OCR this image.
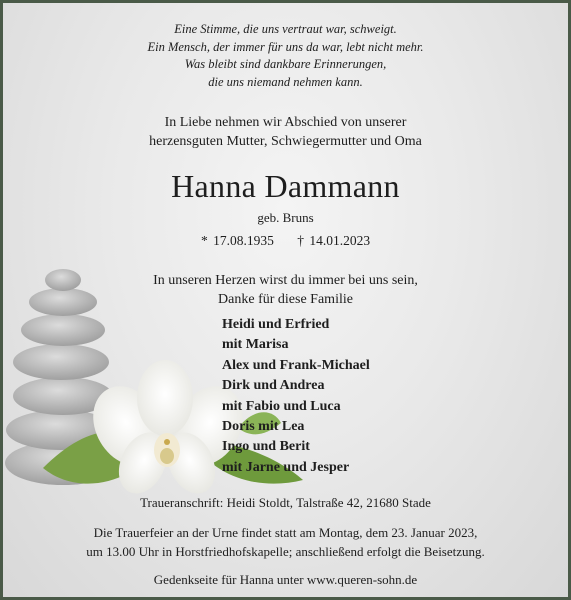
Eine Stimme, die uns vertraut war, schweigt.
Ein Mensch, der immer für uns da war, lebt nicht mehr.
Was bleibt sind dankbare Erinnerungen,
die uns niemand nehmen kann.
In Liebe nehmen wir Abschied von unserer
herzensguten Mutter, Schwiegermutter und Oma
Hanna Dammann
geb. Bruns
* 17.08.1935 † 14.01.2023
In unseren Herzen wirst du immer bei uns sein,
Danke für diese Familie
Heidi und Erfried
mit Marisa
Alex und Frank-Michael
Dirk und Andrea
mit Fabio und Luca
Doris mit Lea
Ingo und Berit
mit Jarne und Jesper
Traueranschrift: Heidi Stoldt, Talstraße 42, 21680 Stade
Die Trauerfeier an der Urne findet statt am Montag, dem 23. Januar 2023,
um 13.00 Uhr in Horstfriedhofskapelle; anschließend erfolgt die Beisetzung.
Gedenkseite für Hanna unter www.queren-sohn.de
